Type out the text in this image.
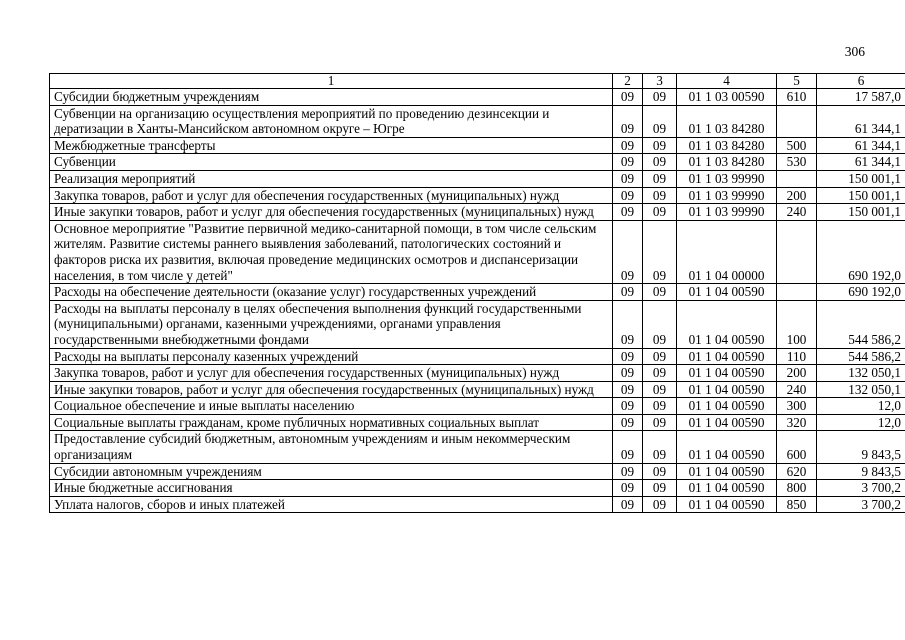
306
1	2	3	4	5	6
Субсидии бюджетным учреждениям	09	09	01 1 03 00590	610	17 587,0
Субвенции на организацию осуществления мероприятий по проведению дезинсекции и дератизации в Ханты-Мансийском автономном округе – Югре	09	09	01 1 03 84280		61 344,1
Межбюджетные трансферты	09	09	01 1 03 84280	500	61 344,1
Субвенции	09	09	01 1 03 84280	530	61 344,1
Реализация мероприятий	09	09	01 1 03 99990		150 001,1
Закупка товаров, работ и услуг для обеспечения государственных (муниципальных) нужд	09	09	01 1 03 99990	200	150 001,1
Иные закупки товаров, работ и услуг для обеспечения государственных (муниципальных) нужд	09	09	01 1 03 99990	240	150 001,1
Основное мероприятие "Развитие первичной медико-санитарной помощи, в том числе сельским жителям. Развитие системы раннего выявления заболеваний, патологических состояний и факторов риска их развития, включая проведение медицинских осмотров и диспансеризации населения, в том числе у детей"	09	09	01 1 04 00000		690 192,0
Расходы на обеспечение деятельности (оказание услуг) государственных учреждений	09	09	01 1 04 00590		690 192,0
Расходы на выплаты персоналу в целях обеспечения выполнения функций государственными (муниципальными) органами, казенными учреждениями, органами управления государственными внебюджетными фондами	09	09	01 1 04 00590	100	544 586,2
Расходы на выплаты персоналу казенных учреждений	09	09	01 1 04 00590	110	544 586,2
Закупка товаров, работ и услуг для обеспечения государственных (муниципальных) нужд	09	09	01 1 04 00590	200	132 050,1
Иные закупки товаров, работ и услуг для обеспечения государственных (муниципальных) нужд	09	09	01 1 04 00590	240	132 050,1
Социальное обеспечение и иные выплаты населению	09	09	01 1 04 00590	300	12,0
Социальные выплаты гражданам, кроме публичных нормативных социальных выплат	09	09	01 1 04 00590	320	12,0
Предоставление субсидий бюджетным, автономным учреждениям и иным некоммерческим организациям	09	09	01 1 04 00590	600	9 843,5
Субсидии автономным учреждениям	09	09	01 1 04 00590	620	9 843,5
Иные бюджетные ассигнования	09	09	01 1 04 00590	800	3 700,2
Уплата налогов, сборов и иных платежей	09	09	01 1 04 00590	850	3 700,2
